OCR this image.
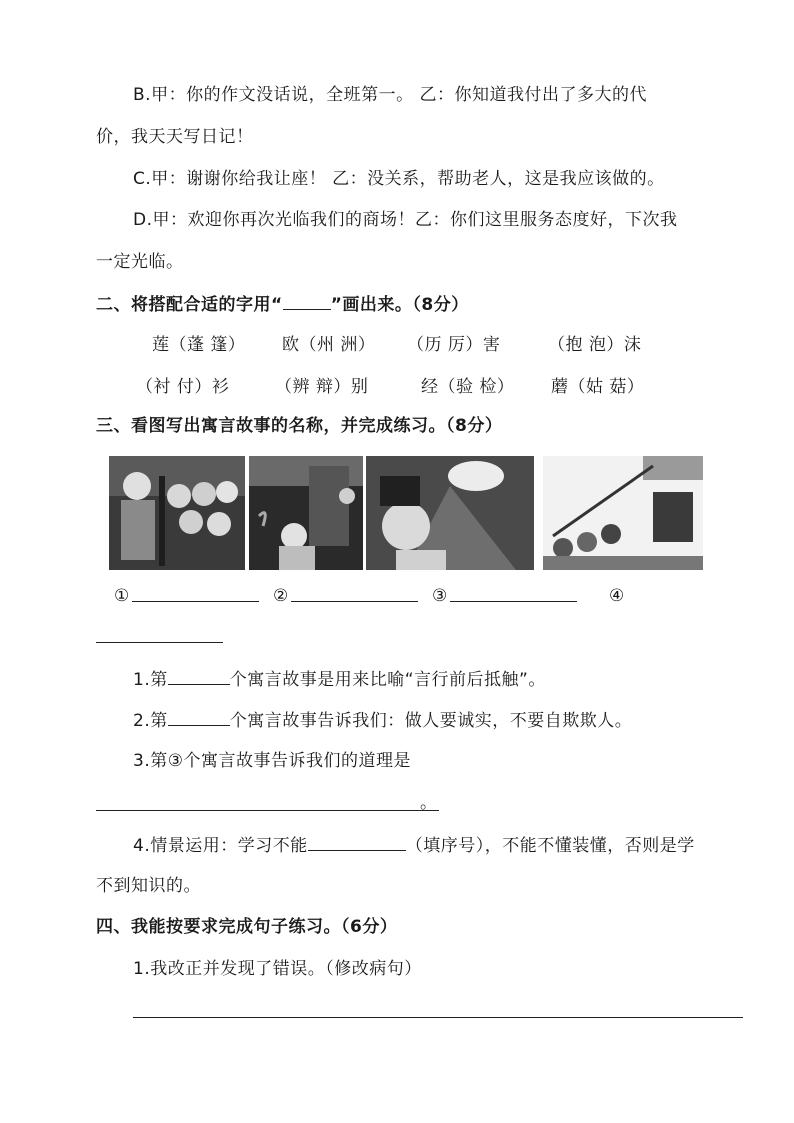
B.甲：你的作文没话说，全班第一。 乙：你知道我付出了多大的代
价，我天天写日记！
C.甲：谢谢你给我让座！ 乙：没关系，帮助老人，这是我应该做的。
D.甲：欢迎你再次光临我们的商场！乙：你们这里服务态度好，下次我
一定光临。
二、将搭配合适的字用“	”画出来。（8分）
莲（蓬 篷） 欧（州 洲） （历 厉）害	（抱 泡）沫
（衬 付）衫	（辨 辩）别	经（验 检） 蘑（姑 菇）
三、看图写出寓言故事的名称，并完成练习。（8分）
①	②	③	④
1.第	个寓言故事是用来比喻“言行前后抵触”。
2.第	个寓言故事告诉我们：做人要诚实，不要自欺欺人。
3.第③个寓言故事告诉我们的道理是
。
4.情景运用：学习不能	（填序号），不能不懂装懂，否则是学
不到知识的。
四、我能按要求完成句子练习。（6分）
1.我改正并发现了错误。（修改病句）
